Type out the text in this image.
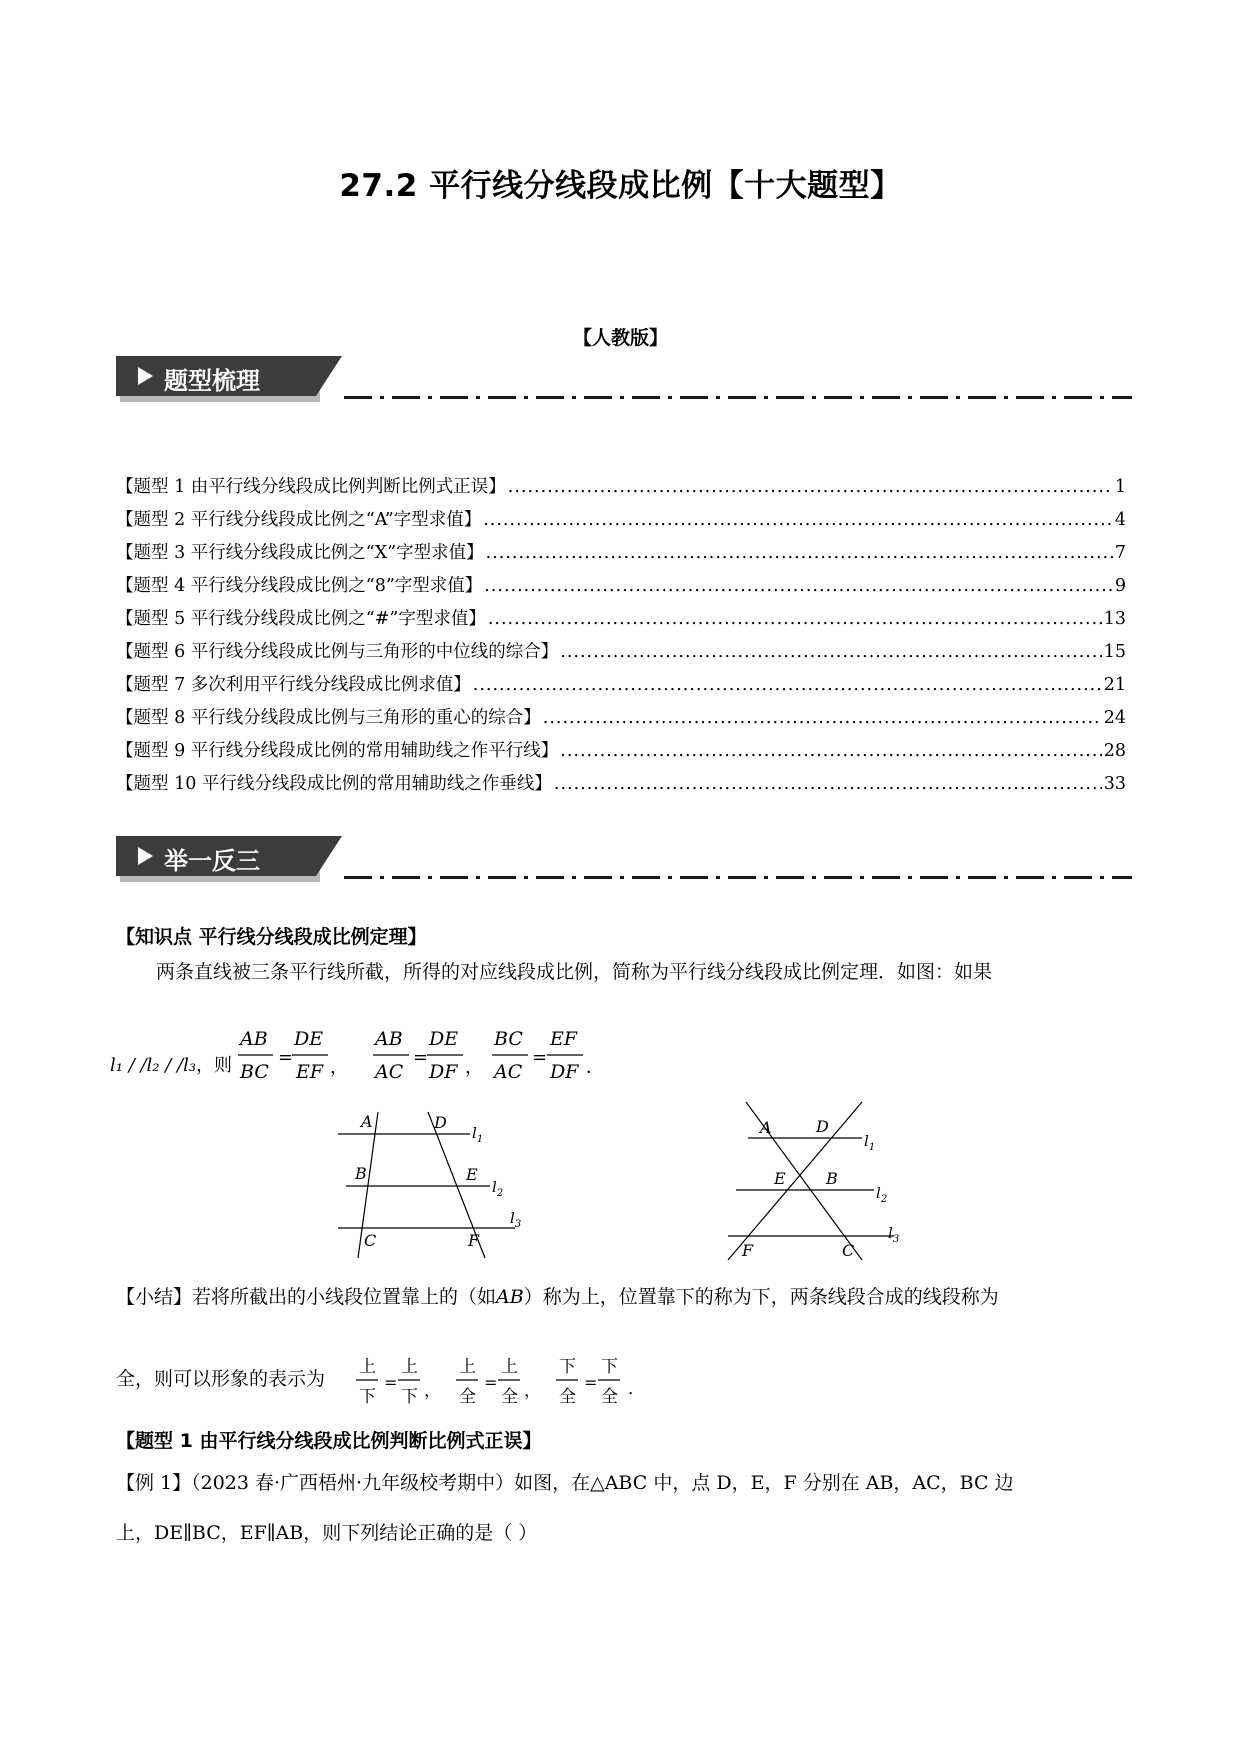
27.2 平行线分线段成比例【十大题型】
【人教版】
题型梳理
【题型 1 由平行线分线段成比例判断比例式正误】 .....	1
【题型 2 平行线分线段成比例之“A”字型求值】 .....	4
【题型 3 平行线分线段成比例之“X”字型求值】 .....	7
【题型 4 平行线分线段成比例之“8”字型求值】 .....	9
【题型 5 平行线分线段成比例之“#”字型求值】 .....	13
【题型 6 平行线分线段成比例与三角形的中位线的综合】 .....	15
【题型 7 多次利用平行线分线段成比例求值】 .....	21
【题型 8 平行线分线段成比例与三角形的重心的综合】 .....	24
【题型 9 平行线分线段成比例的常用辅助线之作平行线】 .....	28
【题型 10 平行线分线段成比例的常用辅助线之作垂线】 .....	33
举一反三
【知识点 平行线分线段成比例定理】
两条直线被三条平行线所截，所得的对应线段成比例，简称为平行线分线段成比例定理．如图：如果
l₁ / /l₂ / /l₃ ，则
AB
BC
=
DE
EF ，
AB
AC
=
DE
DF ，
BC
AC
=
EF
DF ．
A	D
$l_1$
B	E
$l_2$
C	F
$l_3$
A	D
$l_1$
E	B
$l_2$
F	C
$l_3$
【小结】若将所截出的小线段位置靠上的（如AB）称为上，位置靠下的称为下，两条线段合成的线段称为
全，则可以形象的表示为
上
下
=
上
下 ，
上
全
=
上
全 ，
下
全
=
下
全 ．
【题型 1 由平行线分线段成比例判断比例式正误】
【例 1】（2023 春·广西梧州·九年级校考期中）如图，在△ABC 中，点 D，E，F 分别在 AB，AC，BC 边
上，DE∥BC，EF∥AB，则下列结论正确的是（ ）
